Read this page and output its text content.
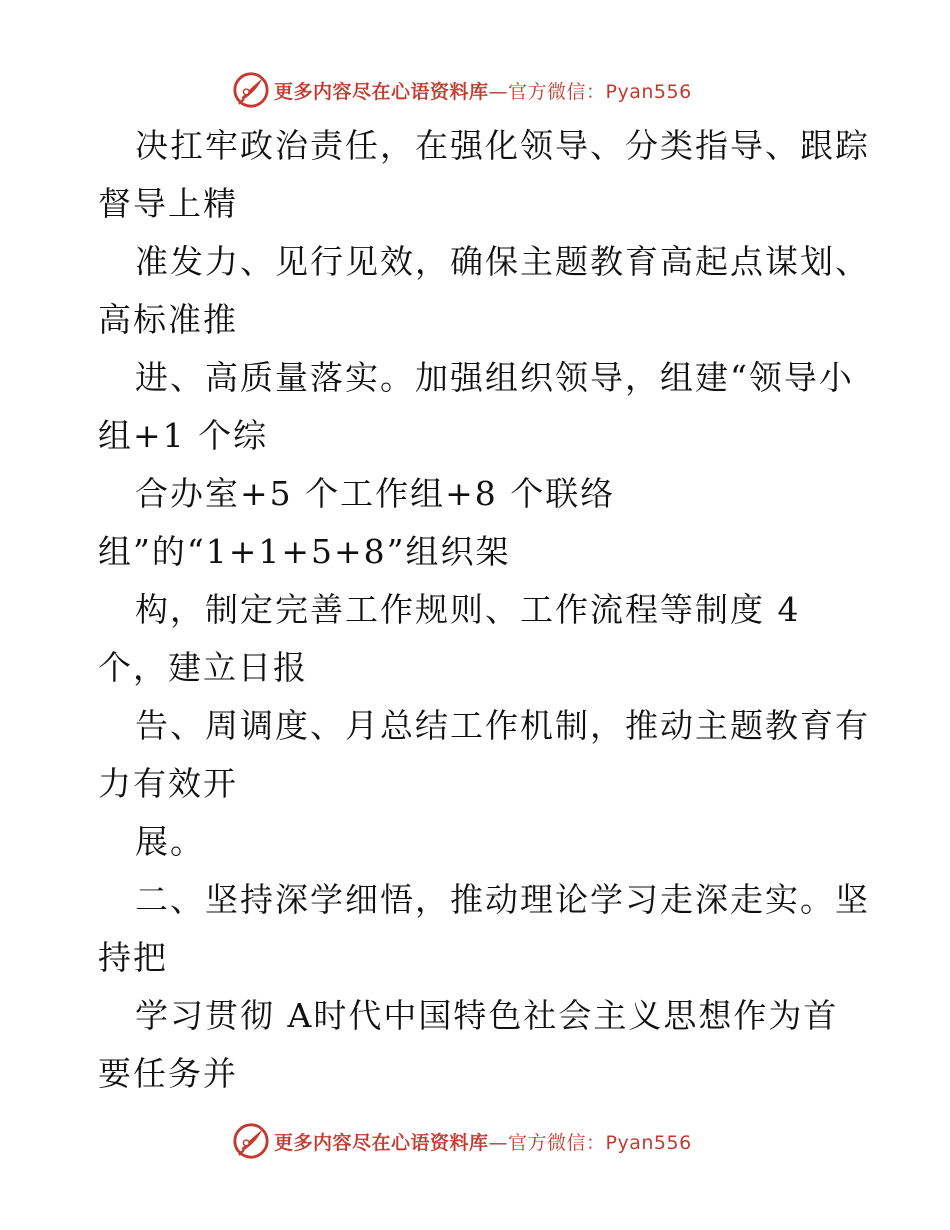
更多内容尽在心语资料库—官方微信：Pyan556
决扛牢政治责任，在强化领导、分类指导、跟踪
督导上精
准发力、见行见效，确保主题教育高起点谋划、
高标准推
进、高质量落实。加强组织领导，组建“领导小
组+1 个综
合办室+5 个工作组+8 个联络
组”的“1+1+5+8”组织架
构，制定完善工作规则、工作流程等制度 4
个，建立日报
告、周调度、月总结工作机制，推动主题教育有
力有效开
展。
二、坚持深学细悟，推动理论学习走深走实。坚
持把
学习贯彻 A时代中国特色社会主义思想作为首
要任务并
更多内容尽在心语资料库—官方微信：Pyan556
